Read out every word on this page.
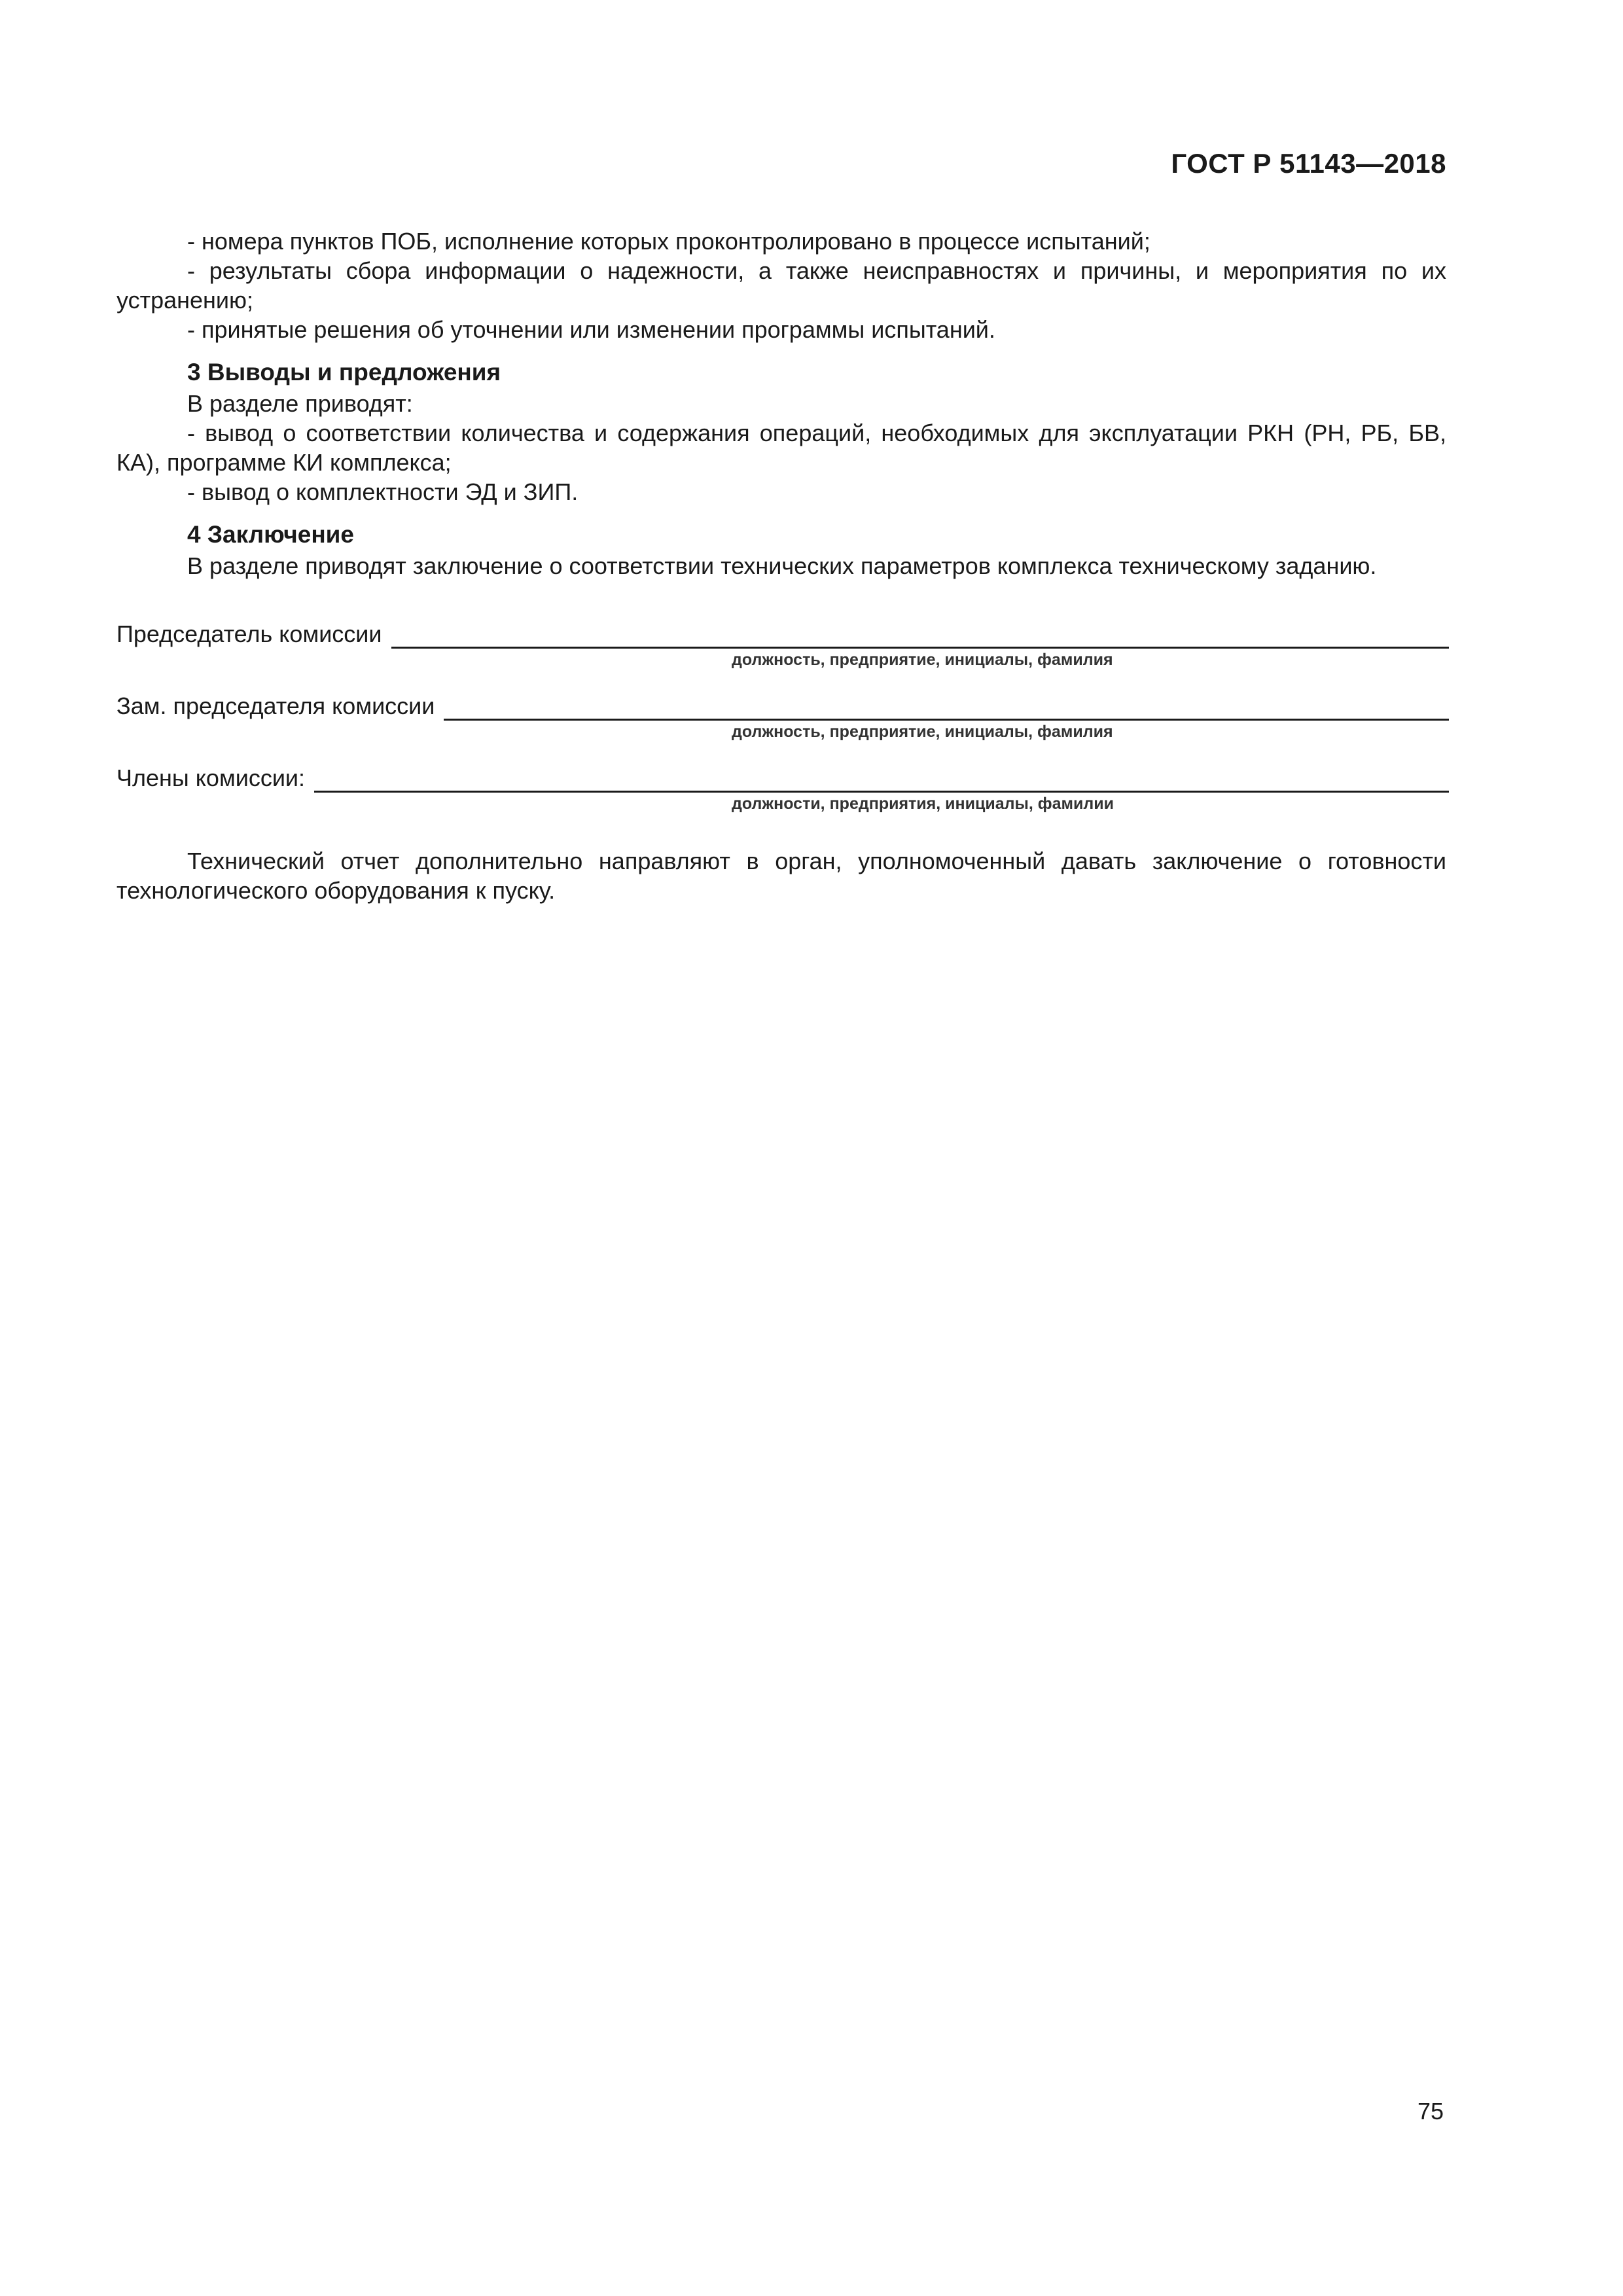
ГОСТ Р 51143—2018

- номера пунктов ПОБ, исполнение которых проконтролировано в процессе испытаний;

- результаты сбора информации о надежности, а также неисправностях и причины, и мероприятия по их устранению;

- принятые решения об уточнении или изменении программы испытаний.

3 Выводы и предложения

В разделе приводят:

- вывод о соответствии количества и содержания операций, необходимых для эксплуатации РКН (РН, РБ, БВ, КА), программе КИ комплекса;

- вывод о комплектности ЭД и ЗИП.

4 Заключение

В разделе приводят заключение о соответствии технических параметров комплекса техническому заданию.

Председатель комиссии
должность, предприятие, инициалы, фамилия
Зам. председателя комиссии
должность, предприятие, инициалы, фамилия
Члены комиссии:
должности, предприятия, инициалы, фамилии

Технический отчет дополнительно направляют в орган, уполномоченный давать заключение о готовности технологического оборудования к пуску.

75
